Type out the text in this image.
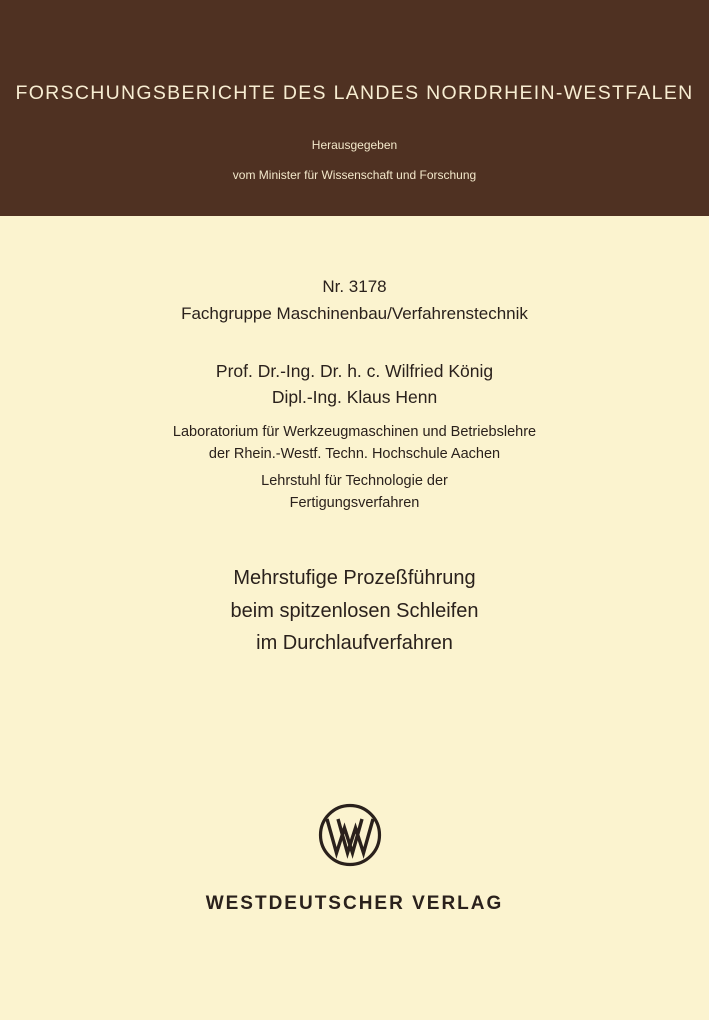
FORSCHUNGSBERICHTE DES LANDES NORDRHEIN-WESTFALEN
Herausgegeben
vom Minister für Wissenschaft und Forschung
Nr. 3178
Fachgruppe Maschinenbau/Verfahrenstechnik
Prof. Dr.-Ing. Dr. h. c. Wilfried König
Dipl.-Ing. Klaus Henn
Laboratorium für Werkzeugmaschinen und Betriebslehre
der Rhein.-Westf. Techn. Hochschule Aachen
Lehrstuhl für Technologie der
Fertigungsverfahren
Mehrstufige Prozeßführung
beim spitzenlosen Schleifen
im Durchlaufverfahren
WESTDEUTSCHER VERLAG
